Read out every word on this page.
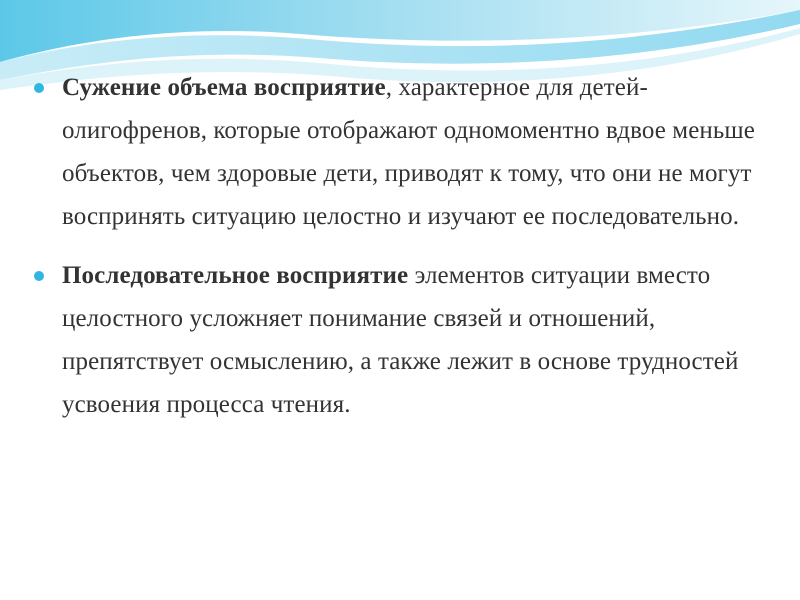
Сужение объема восприятие, характерное для детей-олигофренов, которые отображают одномоментно вдвое меньше объектов, чем здоровые дети, приводят к тому, что они не могут воспринять ситуацию целостно и изучают ее последовательно.
Последовательное восприятие элементов ситуации вместо целостного усложняет понимание связей и отношений, препятствует осмыслению, а также лежит в основе трудностей усвоения процесса чтения.
